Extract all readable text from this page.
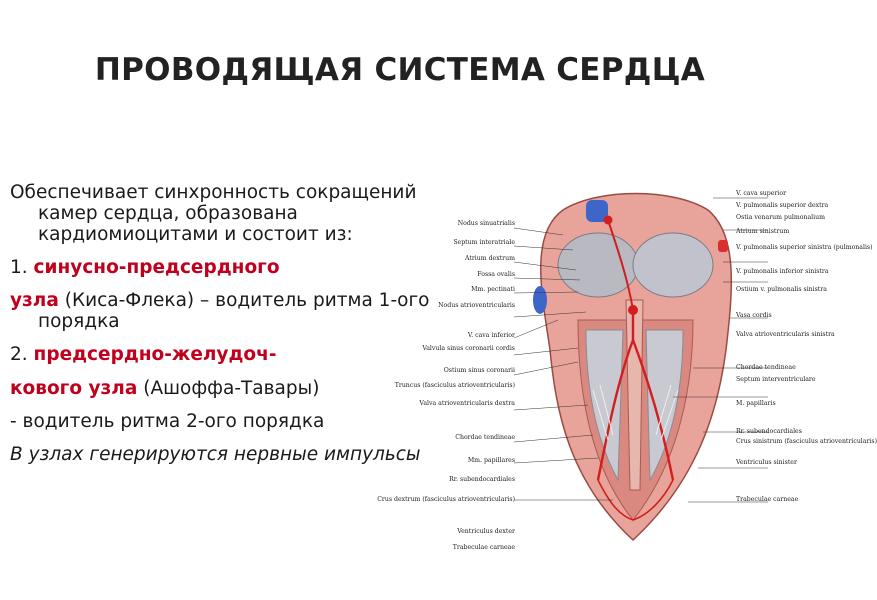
ПРОВОДЯЩАЯ СИСТЕМА СЕРДЦА

Обеспечивает синхронность сокращений камер сердца, образована кардиомиоцитами и состоит из:

1. синусно-предсердного

узла (Киса-Флека) – водитель ритма 1-ого порядка

2. предсердно-желудоч-

кового узла (Ашоффа-Тавары)

- водитель ритма 2-ого порядка

В узлах генерируются нервные импульсы

Nodus sinuatrialis
Septum interatriale
Atrium dextrum
Fossa ovalis
Mm. pectinati
Nodus atrioventricularis
V. cava inferior
Valvula sinus coronarii cordis
Ostium sinus coronarii
Truncus (fasciculus atrioventricularis)
Valva atrioventricularis dextra
Chordae tendineae
Mm. papillares
Rr. subendocardiales
Crus dextrum (fasciculus atrioventricularis)
Ventriculus dexter
Trabeculae carneae
V. cava superior
V. pulmonalis superior dextra
Ostia venarum pulmonalium
Atrium sinistrum
V. pulmonalis superior sinistra (pulmonalis)
V. pulmonalis inferior sinistra
Ostium v. pulmonalis sinistra
Vasa cordis
Valva atrioventricularis sinistra
Chordae tendineae
Septum interventriculare
M. papillaris
Rr. subendocardiales
Crus sinistrum (fasciculus atrioventricularis)
Ventriculus sinister
Trabeculae carneae
